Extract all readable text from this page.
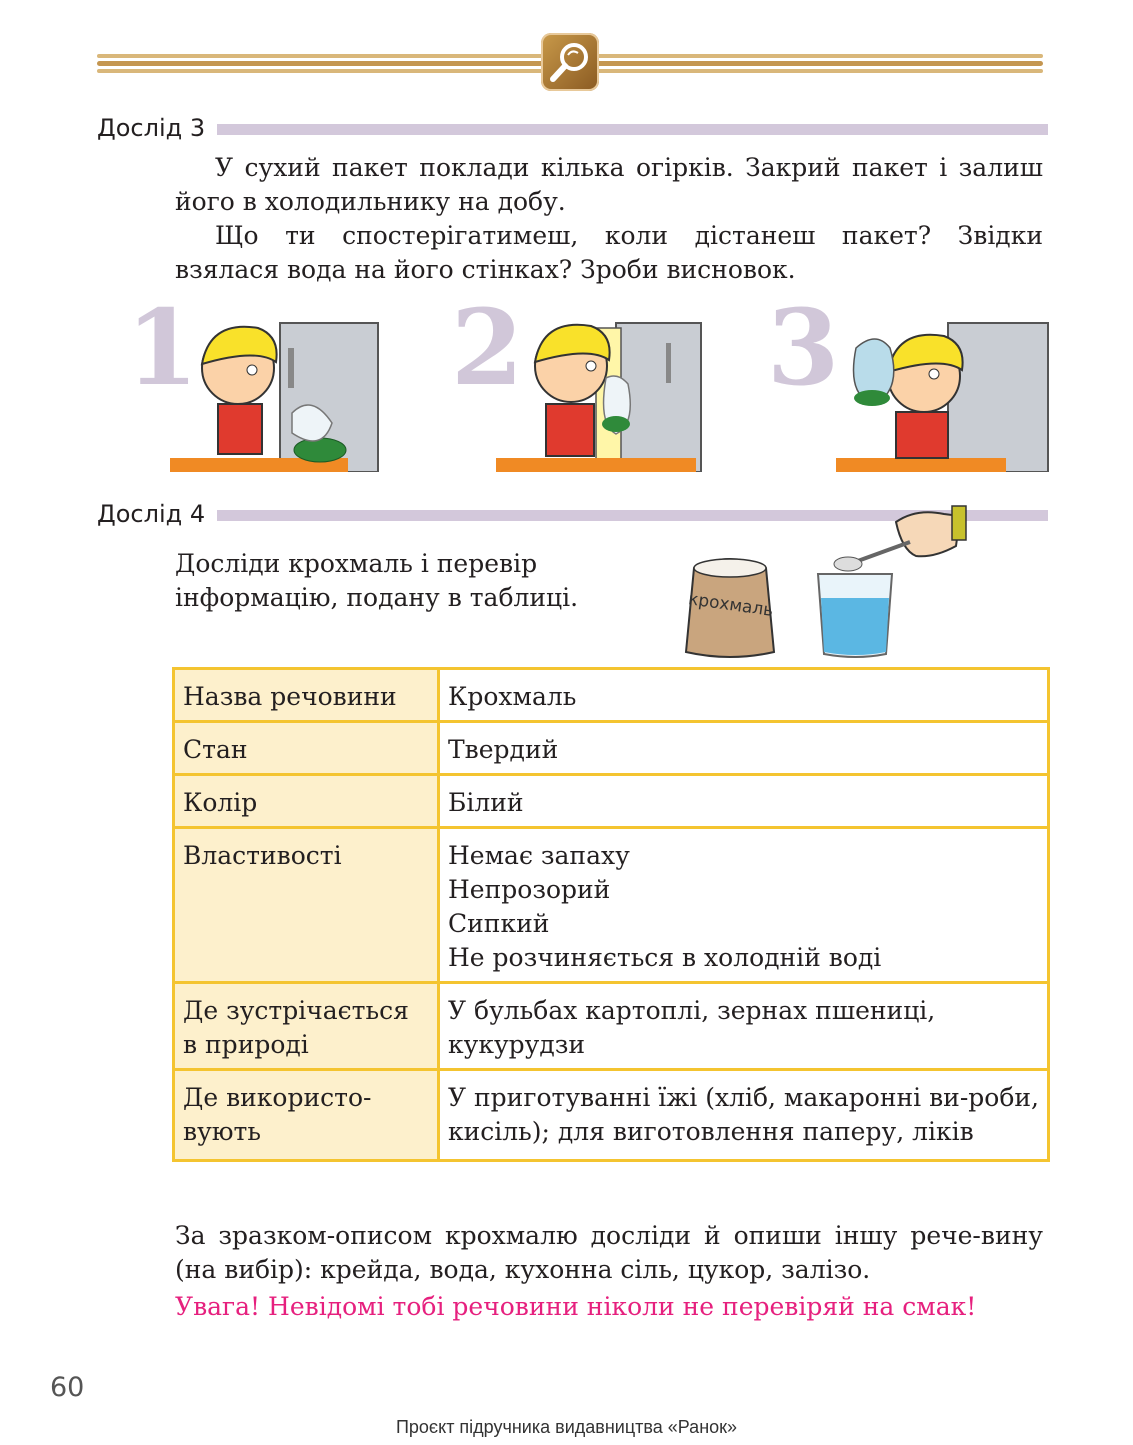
Дослід 3
У сухий пакет поклади кілька огірків. Закрий пакет і залиш його в холодильнику на добу.
Що ти спостерігатимеш, коли дістанеш пакет? Звідки взялася вода на його стінках? Зроби висновок.
1 2 3
Дослід 4
Досліди крохмаль і перевір інформацію, подану в таблиці.	крохмаль
Назва речовини	Крохмаль
Стан	Твердий
Колір	Білий
Властивості	Немає запаху
Непрозорий
Сипкий
Не розчиняється в холодній воді

Де зустрічається в природі	У бульбах картоплі, зернах пшениці, кукурудзи
Де використо-вують	У приготуванні їжі (хліб, макаронні ви-роби, кисіль); для виготовлення паперу, ліків
За зразком-описом крохмалю досліди й опиши іншу рече-вину (на вибір): крейда, вода, кухонна сіль, цукор, залізо.
Увага! Невідомі тобі речовини ніколи не перевіряй на смак!
60
Проєкт підручника видавництва «Ранок»
